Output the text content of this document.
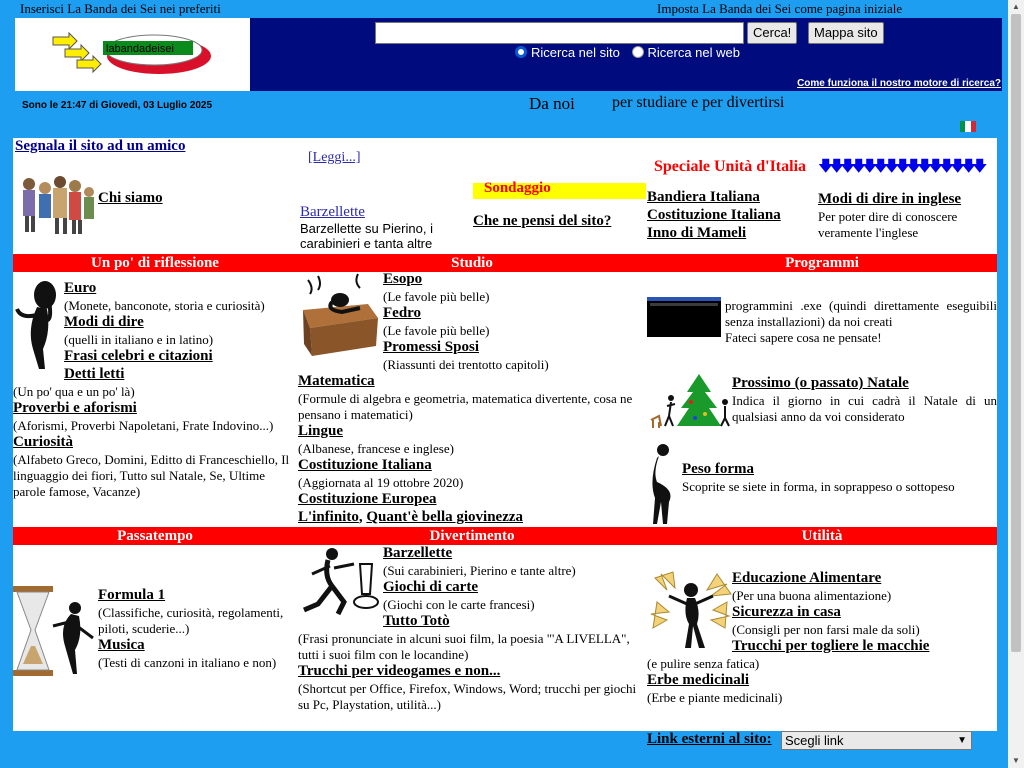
Inserisci La Banda dei Sei nei preferiti	Imposta La Banda dei Sei come pagina iniziale
labandadeisei
Cerca!	Mappa sito
Ricerca nel sito Ricerca nel web
Come funziona il nostro motore di ricerca?
Sono le 21:47 di Giovedì, 03 Luglio 2025	Da noi per studiare e per divertirsi
Segnala il sito ad un amico
[Leggi...]
Chi siamo
Barzellette
Barzellette su Pierino, i carabinieri e tanta altre
Sondaggio
Che ne pensi del sito?
Speciale Unità d'Italia
Bandiera Italiana
Costituzione Italiana
Inno di Mameli
Modi di dire in inglese
Per poter dire di conoscere veramente l'inglese
Un po' di riflessione	Studio	Programmi
Euro
(Monete, banconote, storia e curiosità)
Modi di dire
(quelli in italiano e in latino)
Frasi celebri e citazioni
Detti letti
(Un po' qua e un po' là)
Proverbi e aforismi
(Aforismi, Proverbi Napoletani, Frate Indovino...)
Curiosità
(Alfabeto Greco, Domini, Editto di Franceschiello, Il linguaggio dei fiori, Tutto sul Natale, Se, Ultime parole famose, Vacanze)
Esopo
(Le favole più belle)
Fedro
(Le favole più belle)
Promessi Sposi
(Riassunti dei trentotto capitoli)
Matematica
(Formule di algebra e geometria, matematica divertente, cosa ne pensano i matematici)
Lingue
(Albanese, francese e inglese)
Costituzione Italiana
(Aggiornata al 19 ottobre 2020)
Costituzione Europea
L'infinito, Quant'è bella giovinezza
programmini .exe (quindi direttamente eseguibili senza installazioni) da noi creati
Fateci sapere cosa ne pensate!
Prossimo (o passato) Natale
Indica il giorno in cui cadrà il Natale di un qualsiasi anno da voi considerato
Peso forma
Scoprite se siete in forma, in soprappeso o sottopeso
Passatempo	Divertimento	Utilità
Formula 1
(Classifiche, curiosità, regolamenti, piloti, scuderie...)
Musica
(Testi di canzoni in italiano e non)
Barzellette
(Sui carabinieri, Pierino e tante altre)
Giochi di carte
(Giochi con le carte francesi)
Tutto Totò
(Frasi pronunciate in alcuni suoi film, la poesia "'A LIVELLA", tutti i suoi film con le locandine)
Trucchi per videogames e non...
(Shortcut per Office, Firefox, Windows, Word; trucchi per giochi su Pc, Playstation, utilità...)
Educazione Alimentare
(Per una buona alimentazione)
Sicurezza in casa
(Consigli per non farsi male da soli)
Trucchi per togliere le macchie
(e pulire senza fatica)
Erbe medicinali
(Erbe e piante medicinali)
🡇
🡇
🡇
🡇
🡇
🡇
🡇
🡇
🡇
🡇
🡇
🡇
🡇
🡇
🡇
Link esterni al sito:	Scegli link	▼
▲
▼
